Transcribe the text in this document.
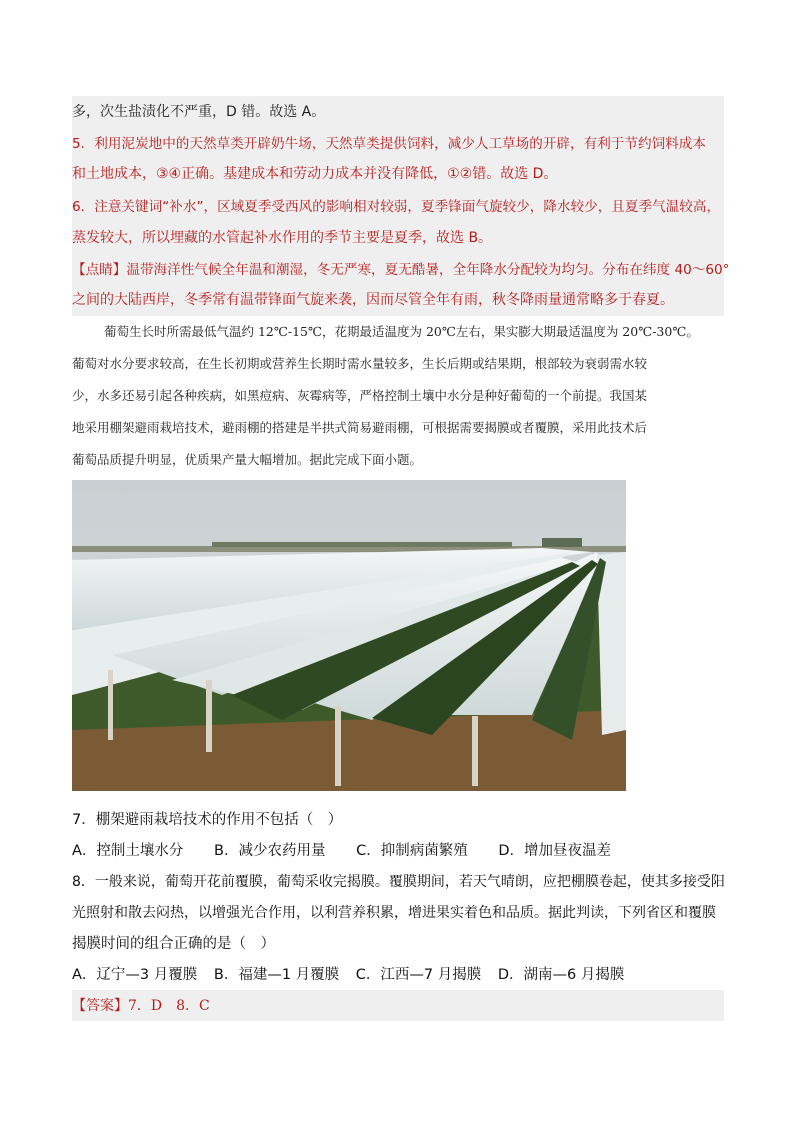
多，次生盐渍化不严重，D 错。故选 A。
5．利用泥炭地中的天然草类开辟奶牛场，天然草类提供饲料，减少人工草场的开辟，有利于节约饲料成本
和土地成本，③④正确。基建成本和劳动力成本并没有降低，①②错。故选 D。
6．注意关键词“补水”，区域夏季受西风的影响相对较弱，夏季锋面气旋较少，降水较少，且夏季气温较高，
蒸发较大，所以埋藏的水管起补水作用的季节主要是夏季，故选 B。
【点睛】温带海洋性气候全年温和潮湿，冬无严寒，夏无酷暑，全年降水分配较为均匀。分布在纬度 40～60°
之间的大陆西岸，冬季常有温带锋面气旋来袭，因而尽管全年有雨，秋冬降雨量通常略多于春夏。
葡萄生长时所需最低气温约 12℃-15℃，花期最适温度为 20℃左右，果实膨大期最适温度为 20℃-30℃。
葡萄对水分要求较高，在生长初期或营养生长期时需水量较多，生长后期或结果期，根部较为衰弱需水较
少，水多还易引起各种疾病，如黑痘病、灰霉病等，严格控制土壤中水分是种好葡萄的一个前提。我国某
地采用棚架避雨栽培技术，避雨棚的搭建是半拱式简易避雨棚，可根据需要揭膜或者覆膜，采用此技术后
葡萄品质提升明显，优质果产量大幅增加。据此完成下面小题。
7．棚架避雨栽培技术的作用不包括（　）
A．控制土壤水分 B．减少农药用量 C．抑制病菌繁殖 D．增加昼夜温差
8．一般来说，葡萄开花前覆膜，葡萄采收完揭膜。覆膜期间，若天气晴朗，应把棚膜卷起，使其多接受阳
光照射和散去闷热，以增强光合作用，以利营养积累，增进果实着色和品质。据此判读，下列省区和覆膜
揭膜时间的组合正确的是（　）
A．辽宁—3 月覆膜 B．福建—1 月覆膜 C．江西—7 月揭膜 D．湖南—6 月揭膜
【答案】7．D　8．C
